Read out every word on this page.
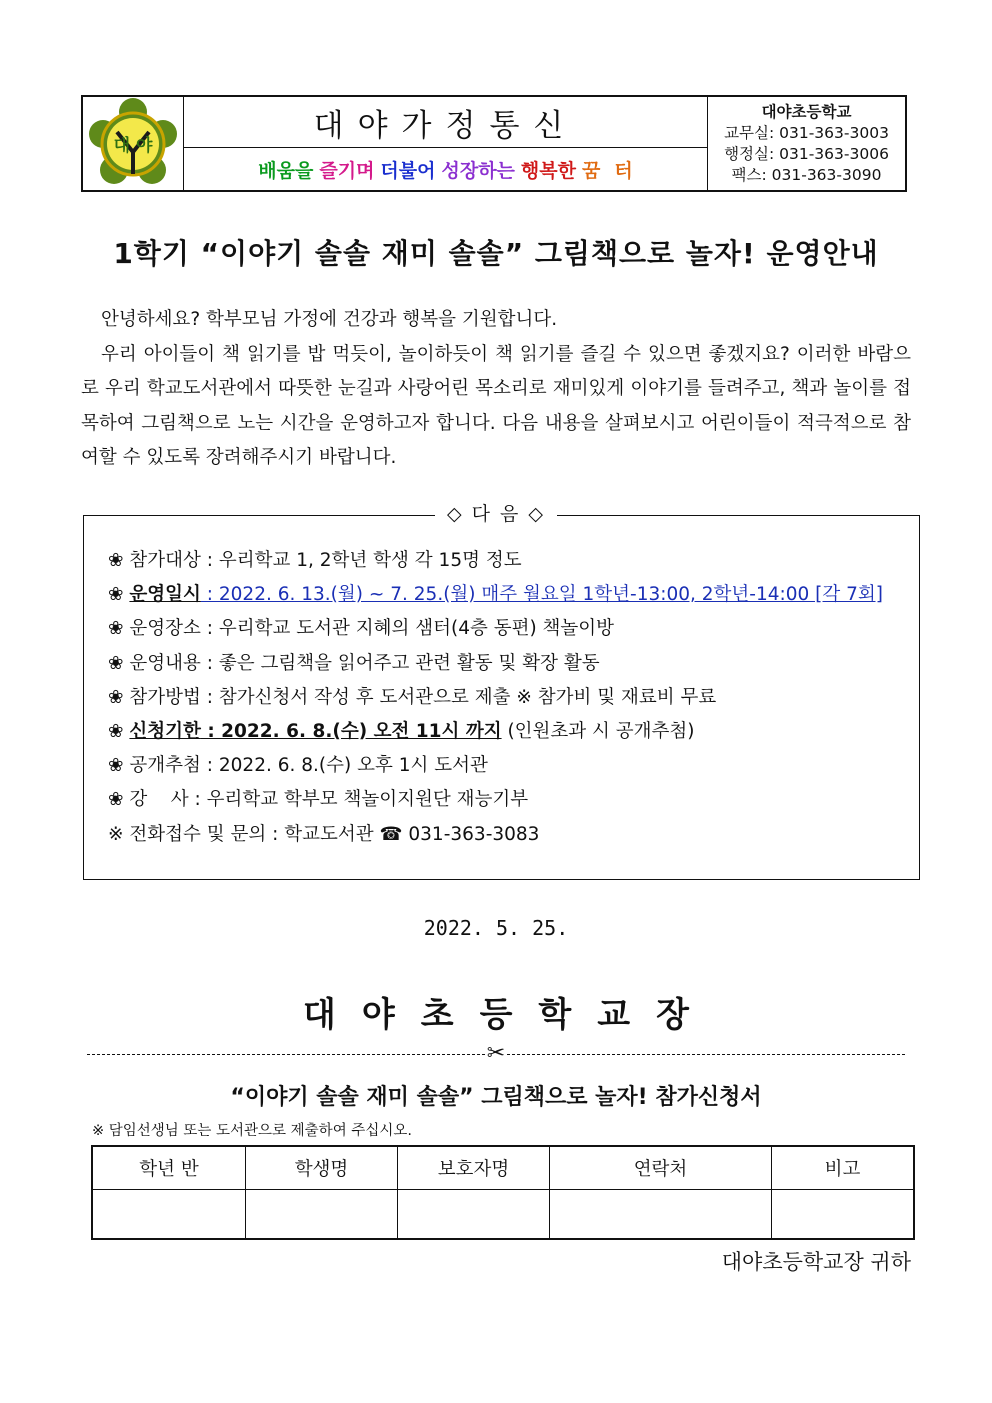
대 야
대야가정통신
배움을 즐기며 더불어 성장하는 행복한 꿈 터
대야초등학교
교무실: 031-363-3003
행정실: 031-363-3006
팩스: 031-363-3090
1학기 “이야기 솔솔 재미 솔솔” 그림책으로 놀자! 운영안내

안녕하세요? 학부모님 가정에 건강과 행복을 기원합니다.

우리 아이들이 책 읽기를 밥 먹듯이, 놀이하듯이 책 읽기를 즐길 수 있으면 좋겠지요? 이러한 바람으로 우리 학교도서관에서 따뜻한 눈길과 사랑어린 목소리로 재미있게 이야기를 들려주고, 책과 놀이를 접목하여 그림책으로 노는 시간을 운영하고자 합니다. 다음 내용을 살펴보시고 어린이들이 적극적으로 참여할 수 있도록 장려해주시기 바랍니다.

◇ 다 음 ◇
❀ 참가대상 : 우리학교 1, 2학년 학생 각 15명 정도
❀ 운영일시 : 2022. 6. 13.(월) ~ 7. 25.(월) 매주 월요일 1학년-13:00, 2학년-14:00 [각 7회]
❀ 운영장소 : 우리학교 도서관 지혜의 샘터(4층 동편) 책놀이방
❀ 운영내용 : 좋은 그림책을 읽어주고 관련 활동 및 확장 활동
❀ 참가방법 : 참가신청서 작성 후 도서관으로 제출 ※ 참가비 및 재료비 무료
❀ 신청기한 : 2022. 6. 8.(수) 오전 11시 까지 (인원초과 시 공개추첨)
❀ 공개추첨 : 2022. 6. 8.(수) 오후 1시 도서관
❀ 강    사 : 우리학교 학부모 책놀이지원단 재능기부
※ 전화접수 및 문의 : 학교도서관 ☎ 031-363-3083
2022. 5. 25.
대야초등학교장
✂
“이야기 솔솔 재미 솔솔” 그림책으로 놀자! 참가신청서
※ 담임선생님 또는 도서관으로 제출하여 주십시오.
학년 반	학생명	보호자명	연락처	비고

대야초등학교장 귀하
